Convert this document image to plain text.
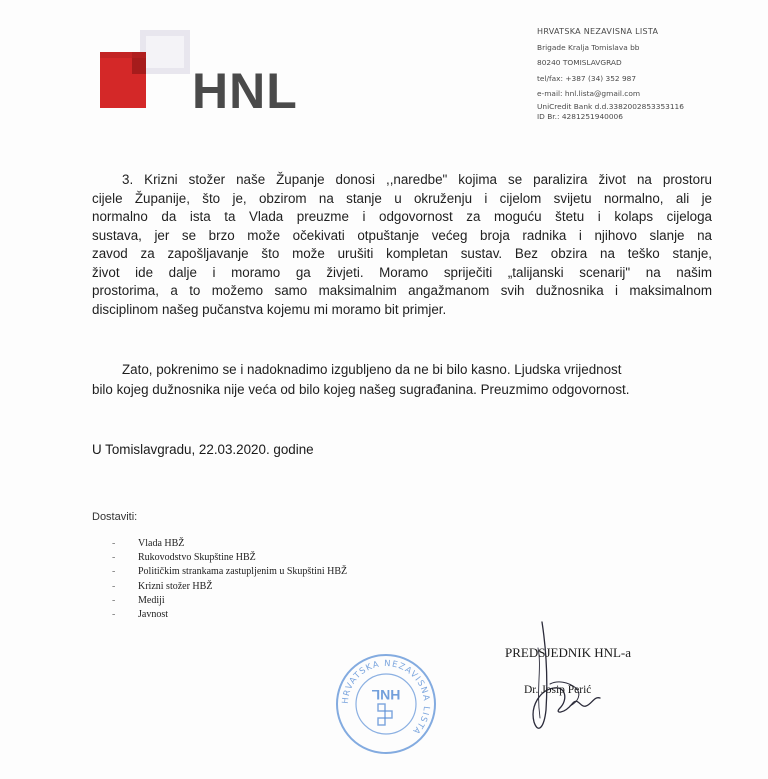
HNL
HRVATSKA NEZAVISNA LISTA
Brigade Kralja Tomislava bb
80240 TOMISLAVGRAD
tel/fax: +387 (34) 352 987
e-mail: hnl.lista@gmail.com
UniCredit Bank d.d.3382002853353116
ID Br.: 4281251940006
3. Krizni stožer naše Županje donosi ,,naredbe" kojima se paralizira život na prostoru
cijele Županije, što je, obzirom na stanje u okruženju i cijelom svijetu normalno, ali je
normalno da ista ta Vlada preuzme i odgovornost za moguću štetu i kolaps cijeloga
sustava, jer se brzo može očekivati otpuštanje većeg broja radnika i njihovo slanje na
zavod za zapošljavanje što može urušiti kompletan sustav. Bez obzira na teško stanje,
život ide dalje i moramo ga živjeti. Moramo spriječiti „talijanski scenarij" na našim
prostorima, a to možemo samo maksimalnim angažmanom svih dužnosnika i maksimalnom
disciplinom našeg pučanstva kojemu mi moramo bit primjer.
Zato, pokrenimo se i nadoknadimo izgubljeno da ne bi bilo kasno. Ljudska vrijednost
bilo kojeg dužnosnika nije veća od bilo kojeg našeg sugrađanina. Preuzmimo odgovornost.
U Tomislavgradu, 22.03.2020. godine
Dostaviti:
- Vlada HBŽ
- Rukovodstvo Skupštine HBŽ
- Političkim strankama zastupljenim u Skupštini HBŽ
- Krizni stožer HBŽ
- Mediji
- Javnost
HRVATSKA NEZAVISNA LISTA
HNL
PREDSJEDNIK HNL-a
Dr. Josip Perić
